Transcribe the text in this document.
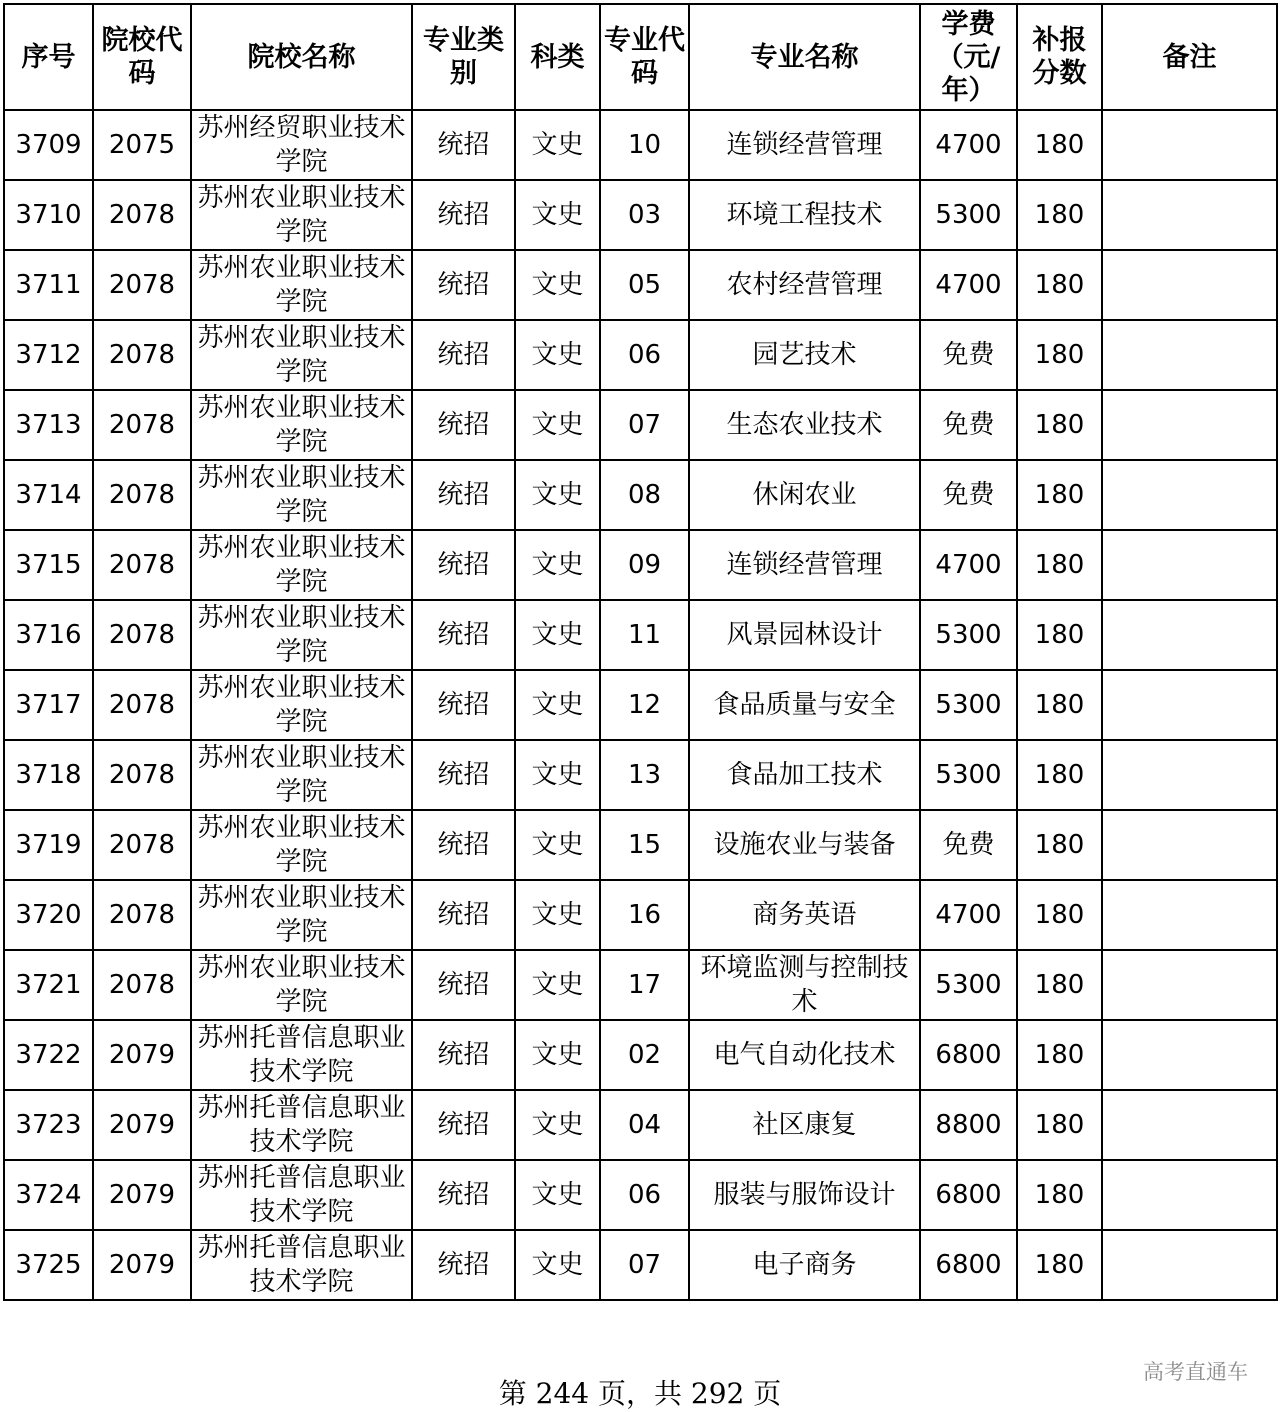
序号	院校代码	院校名称	专业类别	科类	专业代码	专业名称	学费（元/年）	补报分数	备注
3709	2075	苏州经贸职业技术学院	统招	文史	10	连锁经营管理	4700	180	
3710	2078	苏州农业职业技术学院	统招	文史	03	环境工程技术	5300	180	
3711	2078	苏州农业职业技术学院	统招	文史	05	农村经营管理	4700	180	
3712	2078	苏州农业职业技术学院	统招	文史	06	园艺技术	免费	180	
3713	2078	苏州农业职业技术学院	统招	文史	07	生态农业技术	免费	180	
3714	2078	苏州农业职业技术学院	统招	文史	08	休闲农业	免费	180	
3715	2078	苏州农业职业技术学院	统招	文史	09	连锁经营管理	4700	180	
3716	2078	苏州农业职业技术学院	统招	文史	11	风景园林设计	5300	180	
3717	2078	苏州农业职业技术学院	统招	文史	12	食品质量与安全	5300	180	
3718	2078	苏州农业职业技术学院	统招	文史	13	食品加工技术	5300	180	
3719	2078	苏州农业职业技术学院	统招	文史	15	设施农业与装备	免费	180	
3720	2078	苏州农业职业技术学院	统招	文史	16	商务英语	4700	180	
3721	2078	苏州农业职业技术学院	统招	文史	17	环境监测与控制技术	5300	180	
3722	2079	苏州托普信息职业技术学院	统招	文史	02	电气自动化技术	6800	180	
3723	2079	苏州托普信息职业技术学院	统招	文史	04	社区康复	8800	180	
3724	2079	苏州托普信息职业技术学院	统招	文史	06	服装与服饰设计	6800	180	
3725	2079	苏州托普信息职业技术学院	统招	文史	07	电子商务	6800	180	
第 244 页，共 292 页
高考直通车
